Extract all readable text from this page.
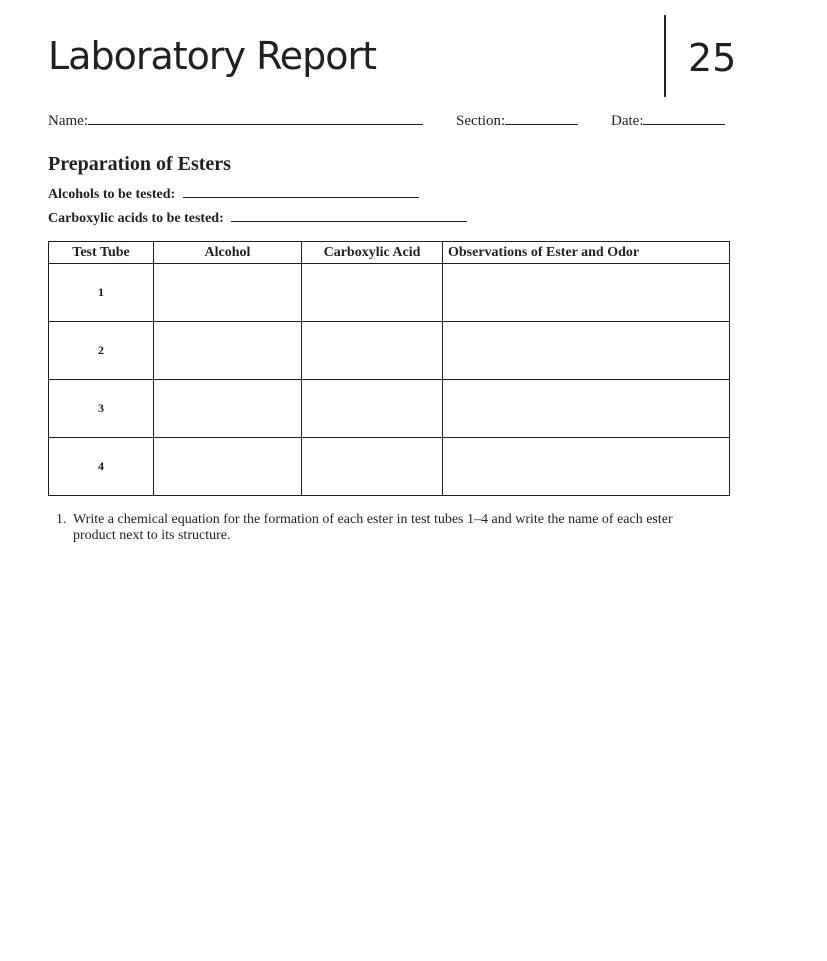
Laboratory Report	25
Name:	Section:	Date:
Preparation of Esters
Alcohols to be tested:
Carboxylic acids to be tested:
Test Tube	Alcohol	Carboxylic Acid	Observations of Ester and Odor
1			
2			
3			
4			
1. Write a chemical equation for the formation of each ester in test tubes 1–4 and write the name of each ester product next to its structure.
